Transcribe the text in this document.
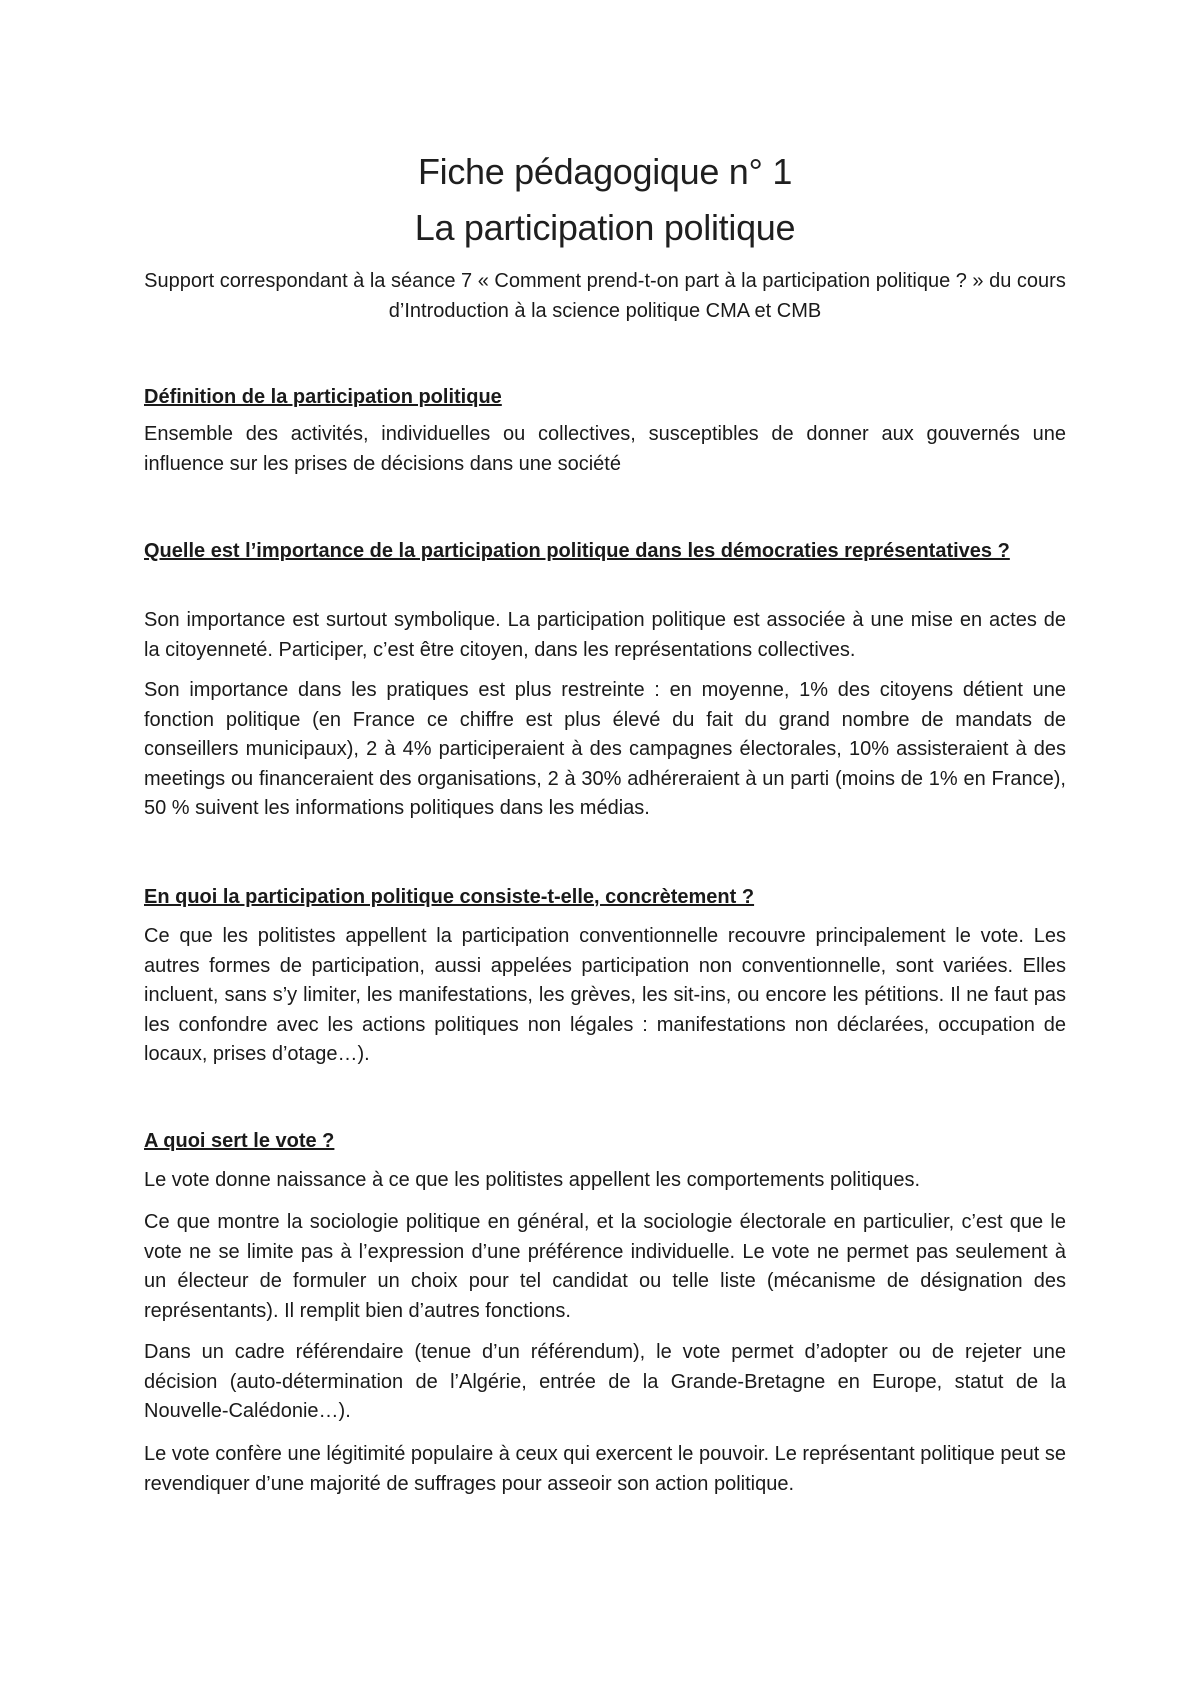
Fiche pédagogique n° 1
La participation politique

Support correspondant à la séance 7 « Comment prend-t-on part à la participation politique ? » du cours d’Introduction à la science politique CMA et CMB

Définition de la participation politique

Ensemble des activités, individuelles ou collectives, susceptibles de donner aux gouvernés une influence sur les prises de décisions dans une société

Quelle est l’importance de la participation politique dans les démocraties représentatives ?

Son importance est surtout symbolique. La participation politique est associée à une mise en actes de la citoyenneté. Participer, c’est être citoyen, dans les représentations collectives.

Son importance dans les pratiques est plus restreinte : en moyenne, 1% des citoyens détient une fonction politique (en France ce chiffre est plus élevé du fait du grand nombre de mandats de conseillers municipaux), 2 à 4% participeraient à des campagnes électorales, 10% assisteraient à des meetings ou financeraient des organisations, 2 à 30% adhéreraient à un parti (moins de 1% en France), 50 % suivent les informations politiques dans les médias.

En quoi la participation politique consiste-t-elle, concrètement ?

Ce que les politistes appellent la participation conventionnelle recouvre principalement le vote. Les autres formes de participation, aussi appelées participation non conventionnelle, sont variées. Elles incluent, sans s’y limiter, les manifestations, les grèves, les sit-ins, ou encore les pétitions. Il ne faut pas les confondre avec les actions politiques non légales : manifestations non déclarées, occupation de locaux, prises d’otage…).

A quoi sert le vote ?

Le vote donne naissance à ce que les politistes appellent les comportements politiques.

Ce que montre la sociologie politique en général, et la sociologie électorale en particulier, c’est que le vote ne se limite pas à l’expression d’une préférence individuelle. Le vote ne permet pas seulement à un électeur de formuler un choix pour tel candidat ou telle liste (mécanisme de désignation des représentants). Il remplit bien d’autres fonctions.

Dans un cadre référendaire (tenue d’un référendum), le vote permet d’adopter ou de rejeter une décision (auto-détermination de l’Algérie, entrée de la Grande-Bretagne en Europe, statut de la Nouvelle-Calédonie…).

Le vote confère une légitimité populaire à ceux qui exercent le pouvoir. Le représentant politique peut se revendiquer d’une majorité de suffrages pour asseoir son action politique.
